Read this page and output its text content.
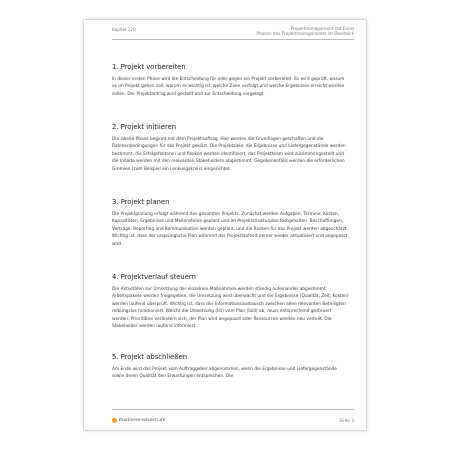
Kapitel 120	Projektmanagement mit Excel
Phasen des Projektmanagements im Überblick
1. Projekt vorbereiten

In dieser ersten Phase wird die Entscheidung für oder gegen ein Projekt vorbereitet. Es wird geprüft, warum es im Projekt gehen soll, warum es wichtig ist, welche Ziele verfolgt und welche Ergebnisse erreicht werden sollen. Der Projektantrag wird gestellt und zur Entscheidung vorgelegt.

2. Projekt initiieren

Die zweite Phase beginnt mit dem Projektauftrag. Hier werden die Grundlagen geschaffen und die Rahmenbedingungen für das Projekt geklärt. Die Projektziele, die Ergebnisse und Liefergegenstände werden bestimmt, die Erfolgsfaktoren und Risiken werden identifiziert, das Projektteam wird zusammengestellt und die Inhalte werden mit den relevanten Stakeholdern abgestimmt. Gegebenenfalls werden die erforderlichen Gremien (zum Beispiel ein Lenkungskreis) eingerichtet.

3. Projekt planen

Die Projektplanung erfolgt während des gesamten Projekts. Zunächst werden Aufgaben, Termine, Kosten, Kapazitäten, Ergebnisse und Meilensteine geplant und im Projektstrukturplan festgehalten. Beschaffungen, Verträge, Reporting und Kommunikation werden geplant, und die Risiken für das Projekt werden abgeschätzt. Wichtig ist, dass der ursprüngliche Plan während der Projektlaufzeit immer wieder aktualisiert und angepasst wird.

4. Projektverlauf steuern

Die Aktivitäten zur Umsetzung der einzelnen Maßnahmen werden ständig aufeinander abgestimmt. Arbeitspakete werden freigegeben, die Umsetzung wird überwacht und die Ergebnisse (Qualität, Zeit, Kosten) werden laufend überprüft. Wichtig ist, dass der Informationsaustausch zwischen allen relevanten Beteiligten reibungslos funktioniert. Weicht die Umsetzung (Ist) vom Plan (Soll) ab, muss entsprechend gesteuert werden: Prioritäten verändern sich, der Plan wird angepasst oder Ressourcen werden neu verteilt. Die Stakeholder werden laufend informiert.

5. Projekt abschließen

Am Ende wird das Projekt vom Auftraggeber abgenommen, wenn die Ergebnisse und Liefergegenstände sowie deren Qualität den Erwartungen entsprechen. Die

business-wissen.de	Seite 3
